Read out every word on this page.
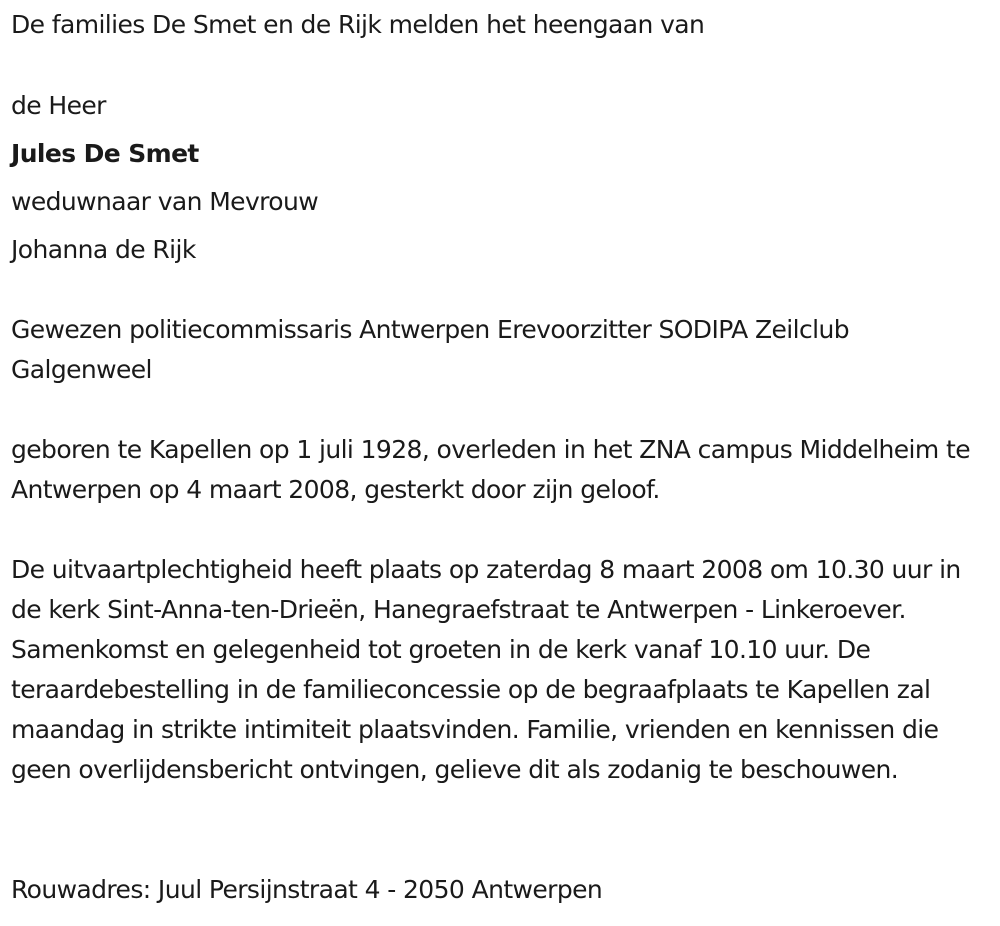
De families De Smet en de Rijk melden het heengaan van
de Heer
Jules De Smet
weduwnaar van Mevrouw
Johanna de Rijk
Gewezen politiecommissaris Antwerpen Erevoorzitter SODIPA Zeilclub Galgenweel
geboren te Kapellen op 1 juli 1928, overleden in het ZNA campus Middelheim te Antwerpen op 4 maart 2008, gesterkt door zijn geloof.
De uitvaartplechtigheid heeft plaats op zaterdag 8 maart 2008 om 10.30 uur in de kerk Sint-Anna-ten-Drieën, Hanegraefstraat te Antwerpen - Linkeroever. Samenkomst en gelegenheid tot groeten in de kerk vanaf 10.10 uur. De teraardebestelling in de familieconcessie op de begraafplaats te Kapellen zal maandag in strikte intimiteit plaatsvinden. Familie, vrienden en kennissen die geen overlijdensbericht ontvingen, gelieve dit als zodanig te beschouwen.
Rouwadres: Juul Persijnstraat 4 - 2050 Antwerpen
